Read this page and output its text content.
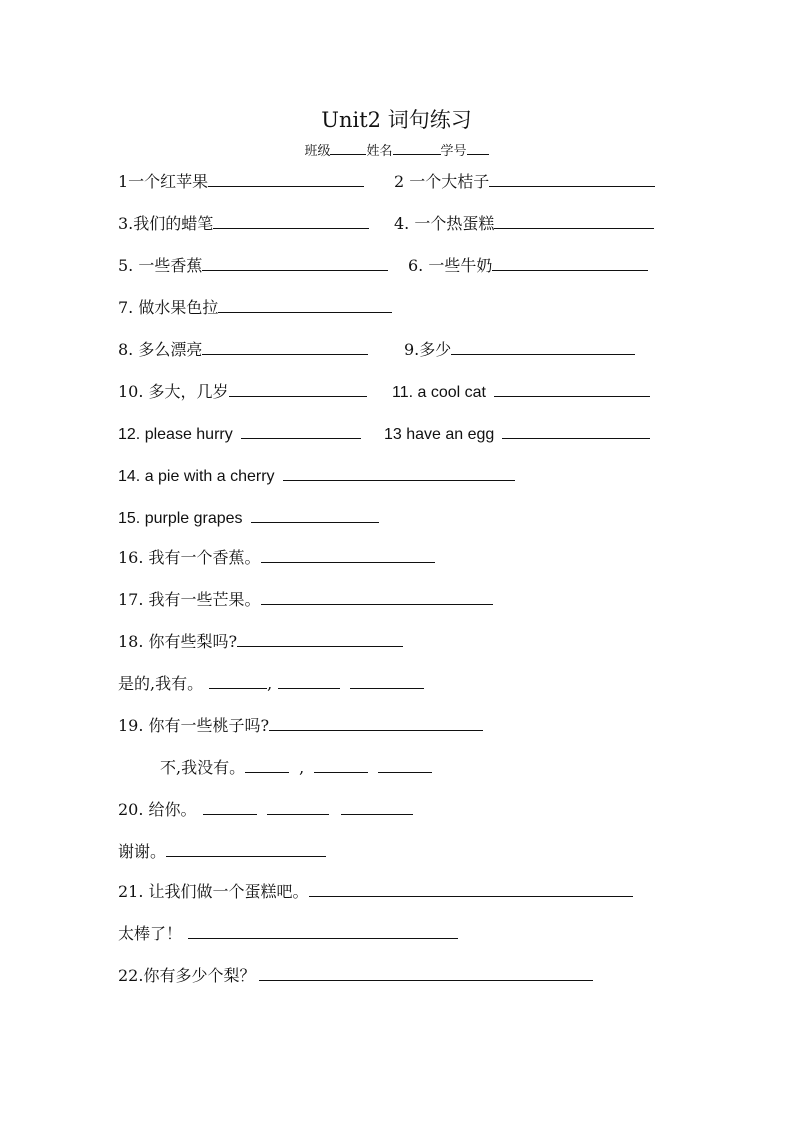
Unit2 词句练习
班级	姓名	学号
1一个红苹果	2 一个大桔子
3.我们的蜡笔	4. 一个热蛋糕
5. 一些香蕉	6. 一些牛奶
7. 做水果色拉
8. 多么漂亮	9.多少
10. 多大，几岁	11. a cool cat
12. please hurry	13 have an egg
14. a pie with a cherry
15. purple grapes
16. 我有一个香蕉。
17. 我有一些芒果。
18. 你有些梨吗?
是的,我有。	,
19. 你有一些桃子吗?
不,我没有。	,
20. 给你。
谢谢。
21. 让我们做一个蛋糕吧。
太棒了！
22.你有多少个梨？
